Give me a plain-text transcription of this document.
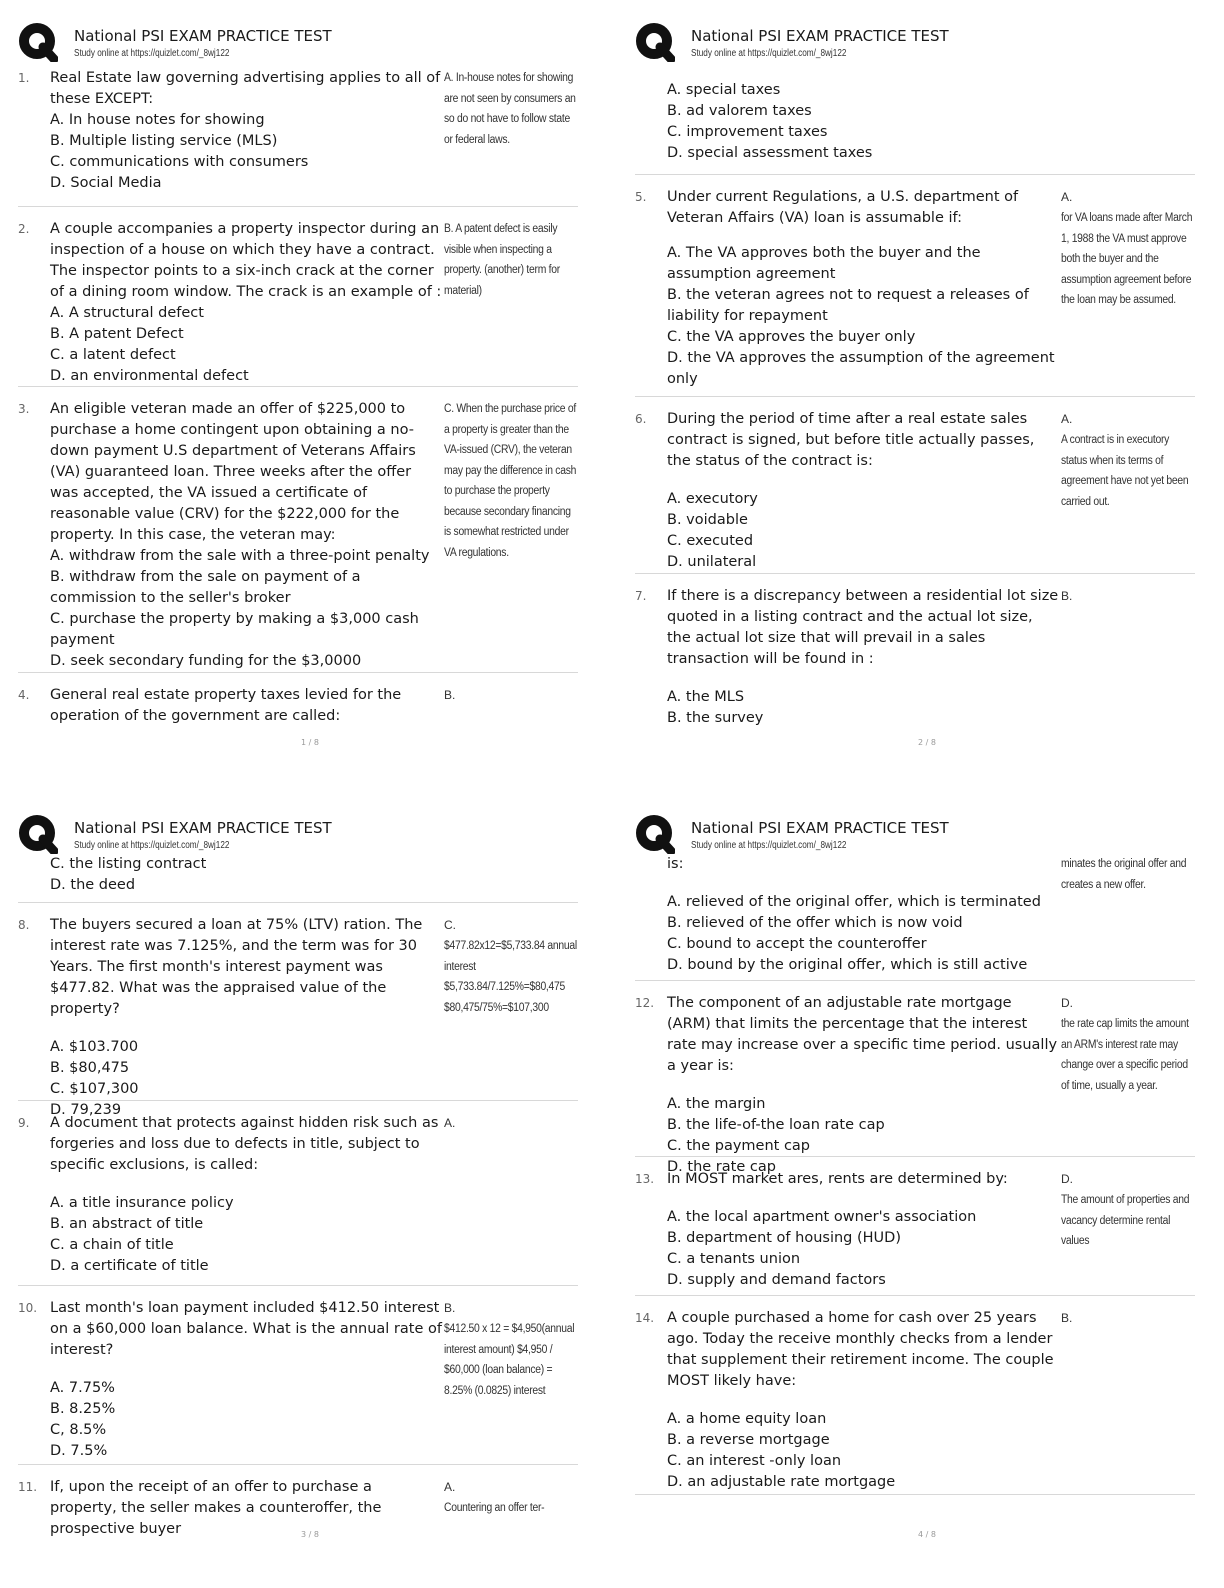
National PSI EXAM PRACTICE TEST
Study online at https://quizlet.com/_8wj122
1.	Real Estate law governing advertising applies to all of these EXCEPT:

A. In house notes for showing
B. Multiple listing service (MLS)
C. communications with consumers
D. Social Media
A. In-house notes for showing are not seen by consumers an so do not have to follow state or federal laws.
2.	A couple accompanies a property inspector during an inspection of a house on which they have a contract. The inspector points to a six-inch crack at the corner of a dining room window. The crack is an example of :

A. A structural defect
B. A patent Defect
C. a latent defect
D. an environmental defect
B. A patent defect is easily visible when inspecting a property. (another) term for material)
3.	An eligible veteran made an offer of $225,000 to purchase a home contingent upon obtaining a no-down payment U.S department of Veterans Affairs (VA) guaranteed loan. Three weeks after the offer was accepted, the VA issued a certificate of reasonable value (CRV) for the $222,000 for the property. In this case, the veteran may:

A. withdraw from the sale with a three-point penalty
B. withdraw from the sale on payment of a commission to the seller's broker
C. purchase the property by making a $3,000 cash payment
D. seek secondary funding for the $3,0000
C. When the purchase price of a property is greater than the VA-issued (CRV), the veteran may pay the difference in cash to purchase the property because secondary financing is somewhat restricted under VA regulations.
4.	General real estate property taxes levied for the operation of the government are called:

B.
1 / 8
National PSI EXAM PRACTICE TEST
Study online at https://quizlet.com/_8wj122
A. special taxes
B. ad valorem taxes
C. improvement taxes
D. special assessment taxes
5.	Under current Regulations, a U.S. department of Veteran Affairs (VA) loan is assumable if:

A. The VA approves both the buyer and the assumption agreement
B. the veteran agrees not to request a releases of liability for repayment
C. the VA approves the buyer only
D. the VA approves the assumption of the agreement only
A.
for VA loans made after March 1, 1988 the VA must approve both the buyer and the assumption agreement before the loan may be assumed.
6.	During the period of time after a real estate sales contract is signed, but before title actually passes, the status of the contract is:

A. executory
B. voidable
C. executed
D. unilateral
A.
A contract is in executory status when its terms of agreement have not yet been carried out.
7.	If there is a discrepancy between a residential lot size quoted in a listing contract and the actual lot size, the actual lot size that will prevail in a sales transaction will be found in :

A. the MLS
B. the survey
B.
2 / 8
National PSI EXAM PRACTICE TEST
Study online at https://quizlet.com/_8wj122
C. the listing contract
D. the deed
8.	The buyers secured a loan at 75% (LTV) ration. The interest rate was 7.125%, and the term was for 30 Years. The first month's interest payment was $477.82. What was the appraised value of the property?

A. $103.700
B. $80,475
C. $107,300
D. 79,239
C.
$477.82x12=$5,733.84 annual interest $5,733.84/7.125%=$80,475 $80,475/75%=$107,300
9.	A document that protects against hidden risk such as forgeries and loss due to defects in title, subject to specific exclusions, is called:

A. a title insurance policy
B. an abstract of title
C. a chain of title
D. a certificate of title
A.
10. Last month's loan payment included $412.50 interest on a $60,000 loan balance. What is the annual rate of interest?

A. 7.75%
B. 8.25%
C, 8.5%
D. 7.5%
B.
$412.50 x 12 = $4,950(annual interest amount) $4,950 / $60,000 (loan balance) = 8.25% (0.0825) interest
11. If, upon the receipt of an offer to purchase a property, the seller makes a counteroffer, the prospective buyer

A.
Countering an offer ter-
3 / 8
National PSI EXAM PRACTICE TEST
Study online at https://quizlet.com/_8wj122

is:

A. relieved of the original offer, which is terminated
B. relieved of the offer which is now void
C. bound to accept the counteroffer
D. bound by the original offer, which is still active
minates the original offer and creates a new offer.
12. The component of an adjustable rate mortgage (ARM) that limits the percentage that the interest rate may increase over a specific time period. usually a year is:

A. the margin
B. the life-of-the loan rate cap
C. the payment cap
D. the rate cap
D.
the rate cap limits the amount an ARM's interest rate may change over a specific period of time, usually a year.
13. In MOST market ares, rents are determined by:

A. the local apartment owner's association
B. department of housing (HUD)
C. a tenants union
D. supply and demand factors
D.
The amount of properties and vacancy determine rental values
14. A couple purchased a home for cash over 25 years ago. Today the receive monthly checks from a lender that supplement their retirement income. The couple MOST likely have:

A. a home equity loan
B. a reverse mortgage
C. an interest -only loan
D. an adjustable rate mortgage
B.
4 / 8
